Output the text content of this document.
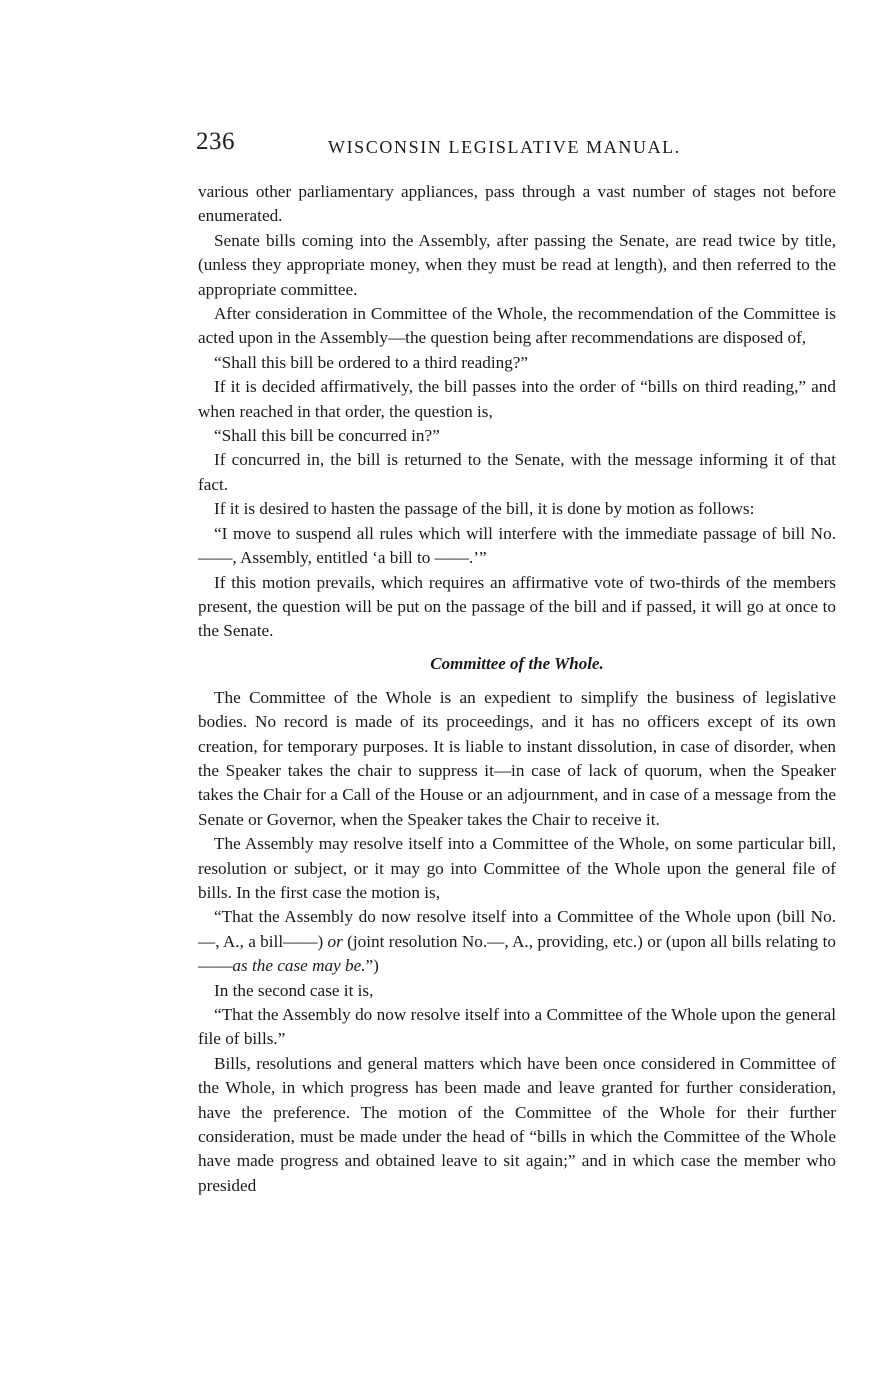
236	WISCONSIN LEGISLATIVE MANUAL.

various other parliamentary appliances, pass through a vast number of stages not before enumerated.

Senate bills coming into the Assembly, after passing the Senate, are read twice by title, (unless they appropriate money, when they must be read at length), and then referred to the appropriate committee.

After consideration in Committee of the Whole, the recommendation of the Committee is acted upon in the Assembly—the question being after recommendations are disposed of,

“Shall this bill be ordered to a third reading?”

If it is decided affirmatively, the bill passes into the order of “bills on third reading,” and when reached in that order, the question is,

“Shall this bill be concurred in?”

If concurred in, the bill is returned to the Senate, with the message informing it of that fact.

If it is desired to hasten the passage of the bill, it is done by motion as follows:

“I move to suspend all rules which will interfere with the immediate passage of bill No. ——, Assembly, entitled ‘a bill to ——.’”

If this motion prevails, which requires an affirmative vote of two-thirds of the members present, the question will be put on the passage of the bill and if passed, it will go at once to the Senate.

Committee of the Whole.

The Committee of the Whole is an expedient to simplify the business of legislative bodies. No record is made of its proceedings, and it has no officers except of its own creation, for temporary purposes. It is liable to instant dissolution, in case of disorder, when the Speaker takes the chair to suppress it—in case of lack of quorum, when the Speaker takes the Chair for a Call of the House or an adjournment, and in case of a message from the Senate or Governor, when the Speaker takes the Chair to receive it.

The Assembly may resolve itself into a Committee of the Whole, on some particular bill, resolution or subject, or it may go into Committee of the Whole upon the general file of bills. In the first case the motion is,

“That the Assembly do now resolve itself into a Committee of the Whole upon (bill No.—, A., a bill——) or (joint resolution No.—, A., providing, etc.) or (upon all bills relating to——as the case may be.”)

In the second case it is,

“That the Assembly do now resolve itself into a Committee of the Whole upon the general file of bills.”

Bills, resolutions and general matters which have been once considered in Committee of the Whole, in which progress has been made and leave granted for further consideration, have the preference. The motion of the Committee of the Whole for their further consideration, must be made under the head of “bills in which the Committee of the Whole have made progress and obtained leave to sit again;” and in which case the member who presided
